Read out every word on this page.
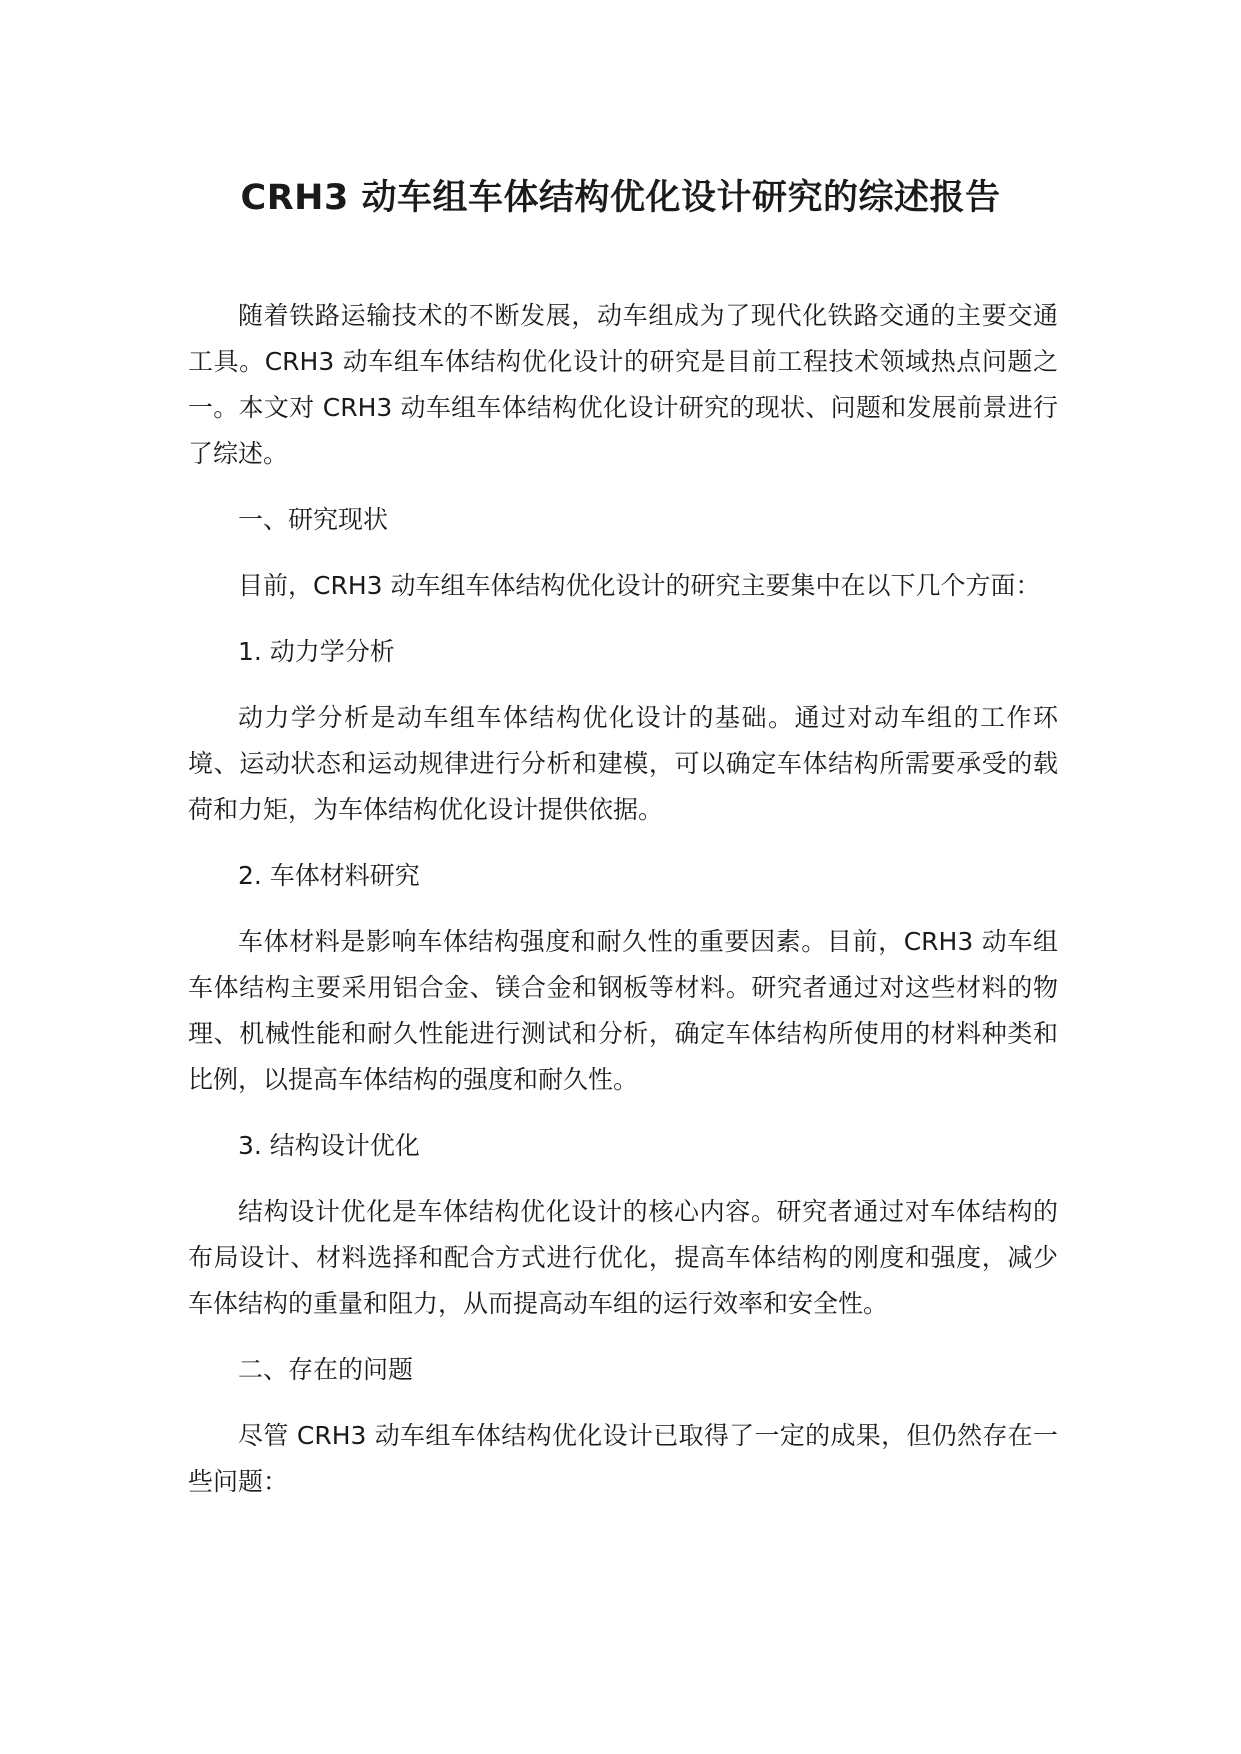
CRH3 动车组车体结构优化设计研究的综述报告

随着铁路运输技术的不断发展，动车组成为了现代化铁路交通的主要交通工具。CRH3 动车组车体结构优化设计的研究是目前工程技术领域热点问题之一。本文对 CRH3 动车组车体结构优化设计研究的现状、问题和发展前景进行了综述。

一、研究现状

目前，CRH3 动车组车体结构优化设计的研究主要集中在以下几个方面：

1. 动力学分析

动力学分析是动车组车体结构优化设计的基础。通过对动车组的工作环境、运动状态和运动规律进行分析和建模，可以确定车体结构所需要承受的载荷和力矩，为车体结构优化设计提供依据。

2. 车体材料研究

车体材料是影响车体结构强度和耐久性的重要因素。目前，CRH3 动车组车体结构主要采用铝合金、镁合金和钢板等材料。研究者通过对这些材料的物理、机械性能和耐久性能进行测试和分析，确定车体结构所使用的材料种类和比例，以提高车体结构的强度和耐久性。

3. 结构设计优化

结构设计优化是车体结构优化设计的核心内容。研究者通过对车体结构的布局设计、材料选择和配合方式进行优化，提高车体结构的刚度和强度，减少车体结构的重量和阻力，从而提高动车组的运行效率和安全性。

二、存在的问题

尽管 CRH3 动车组车体结构优化设计已取得了一定的成果，但仍然存在一些问题：
